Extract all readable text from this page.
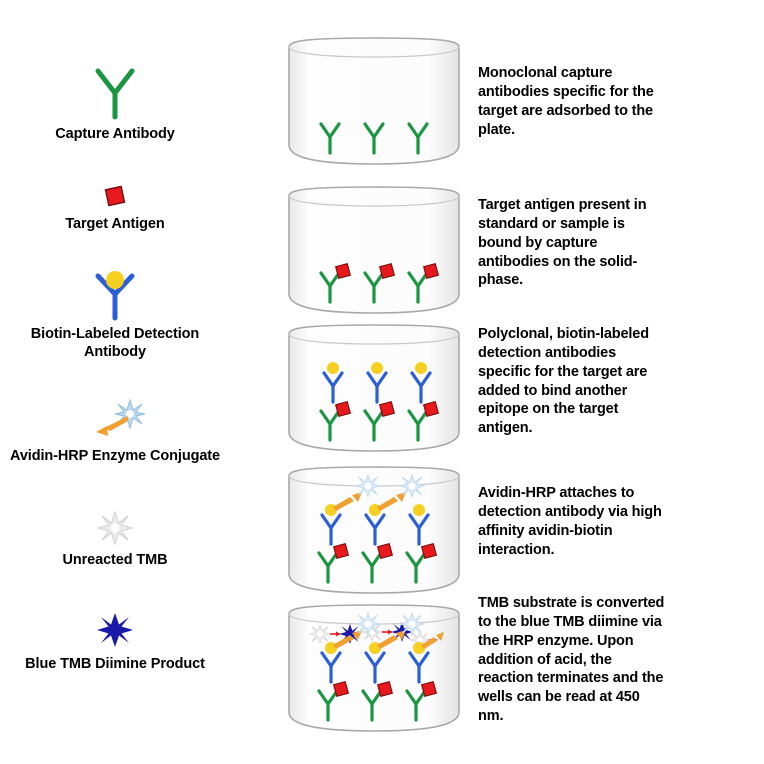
Capture Antibody
Target Antigen
Biotin-Labeled Detection Antibody
Avidin-HRP Enzyme Conjugate
Unreacted TMB
Blue TMB Diimine Product
Monoclonal capture antibodies specific for the target are adsorbed to the plate.
Target antigen present in standard or sample is bound by capture antibodies on the solid-phase.
Polyclonal, biotin-labeled detection antibodies specific for the target are added to bind another epitope on the target antigen.
Avidin-HRP attaches to detection antibody via high affinity avidin-biotin interaction.
TMB substrate is converted to the blue TMB diimine via the HRP enzyme. Upon addition of acid, the reaction terminates and the wells can be read at 450 nm.
